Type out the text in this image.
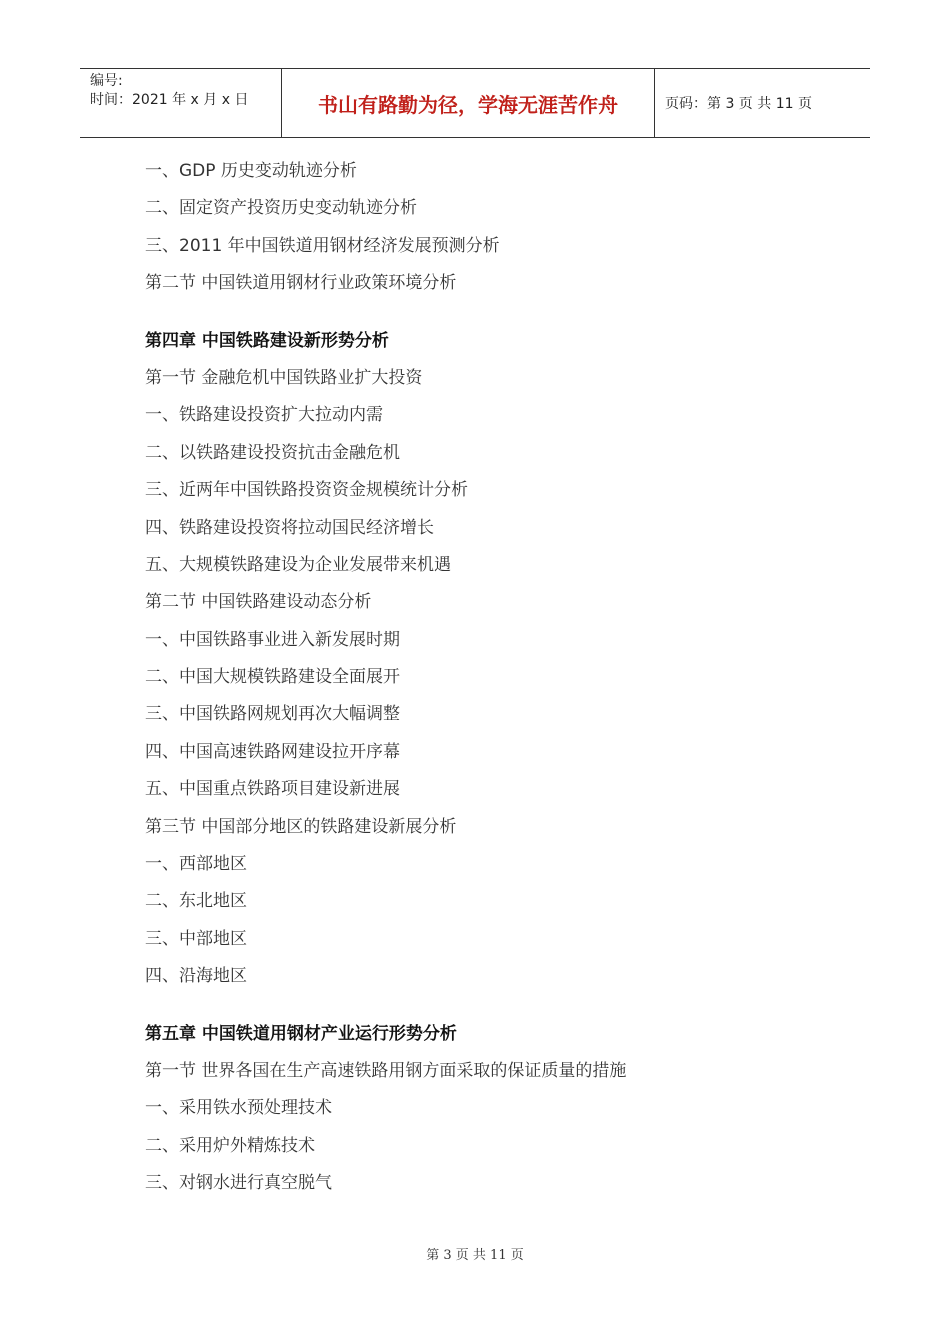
编号:
时间：2021 年 x 月 x 日	书山有路勤为径，学海无涯苦作舟	页码：第 3 页 共 11 页
一、GDP 历史变动轨迹分析
二、固定资产投资历史变动轨迹分析
三、2011 年中国铁道用钢材经济发展预测分析
第二节 中国铁道用钢材行业政策环境分析
第四章 中国铁路建设新形势分析
第一节 金融危机中国铁路业扩大投资
一、铁路建设投资扩大拉动内需
二、以铁路建设投资抗击金融危机
三、近两年中国铁路投资资金规模统计分析
四、铁路建设投资将拉动国民经济增长
五、大规模铁路建设为企业发展带来机遇
第二节 中国铁路建设动态分析
一、中国铁路事业进入新发展时期
二、中国大规模铁路建设全面展开
三、中国铁路网规划再次大幅调整
四、中国高速铁路网建设拉开序幕
五、中国重点铁路项目建设新进展
第三节 中国部分地区的铁路建设新展分析
一、西部地区
二、东北地区
三、中部地区
四、沿海地区
第五章 中国铁道用钢材产业运行形势分析
第一节 世界各国在生产高速铁路用钢方面采取的保证质量的措施
一、采用铁水预处理技术
二、采用炉外精炼技术
三、对钢水进行真空脱气
第 3 页 共 11 页
